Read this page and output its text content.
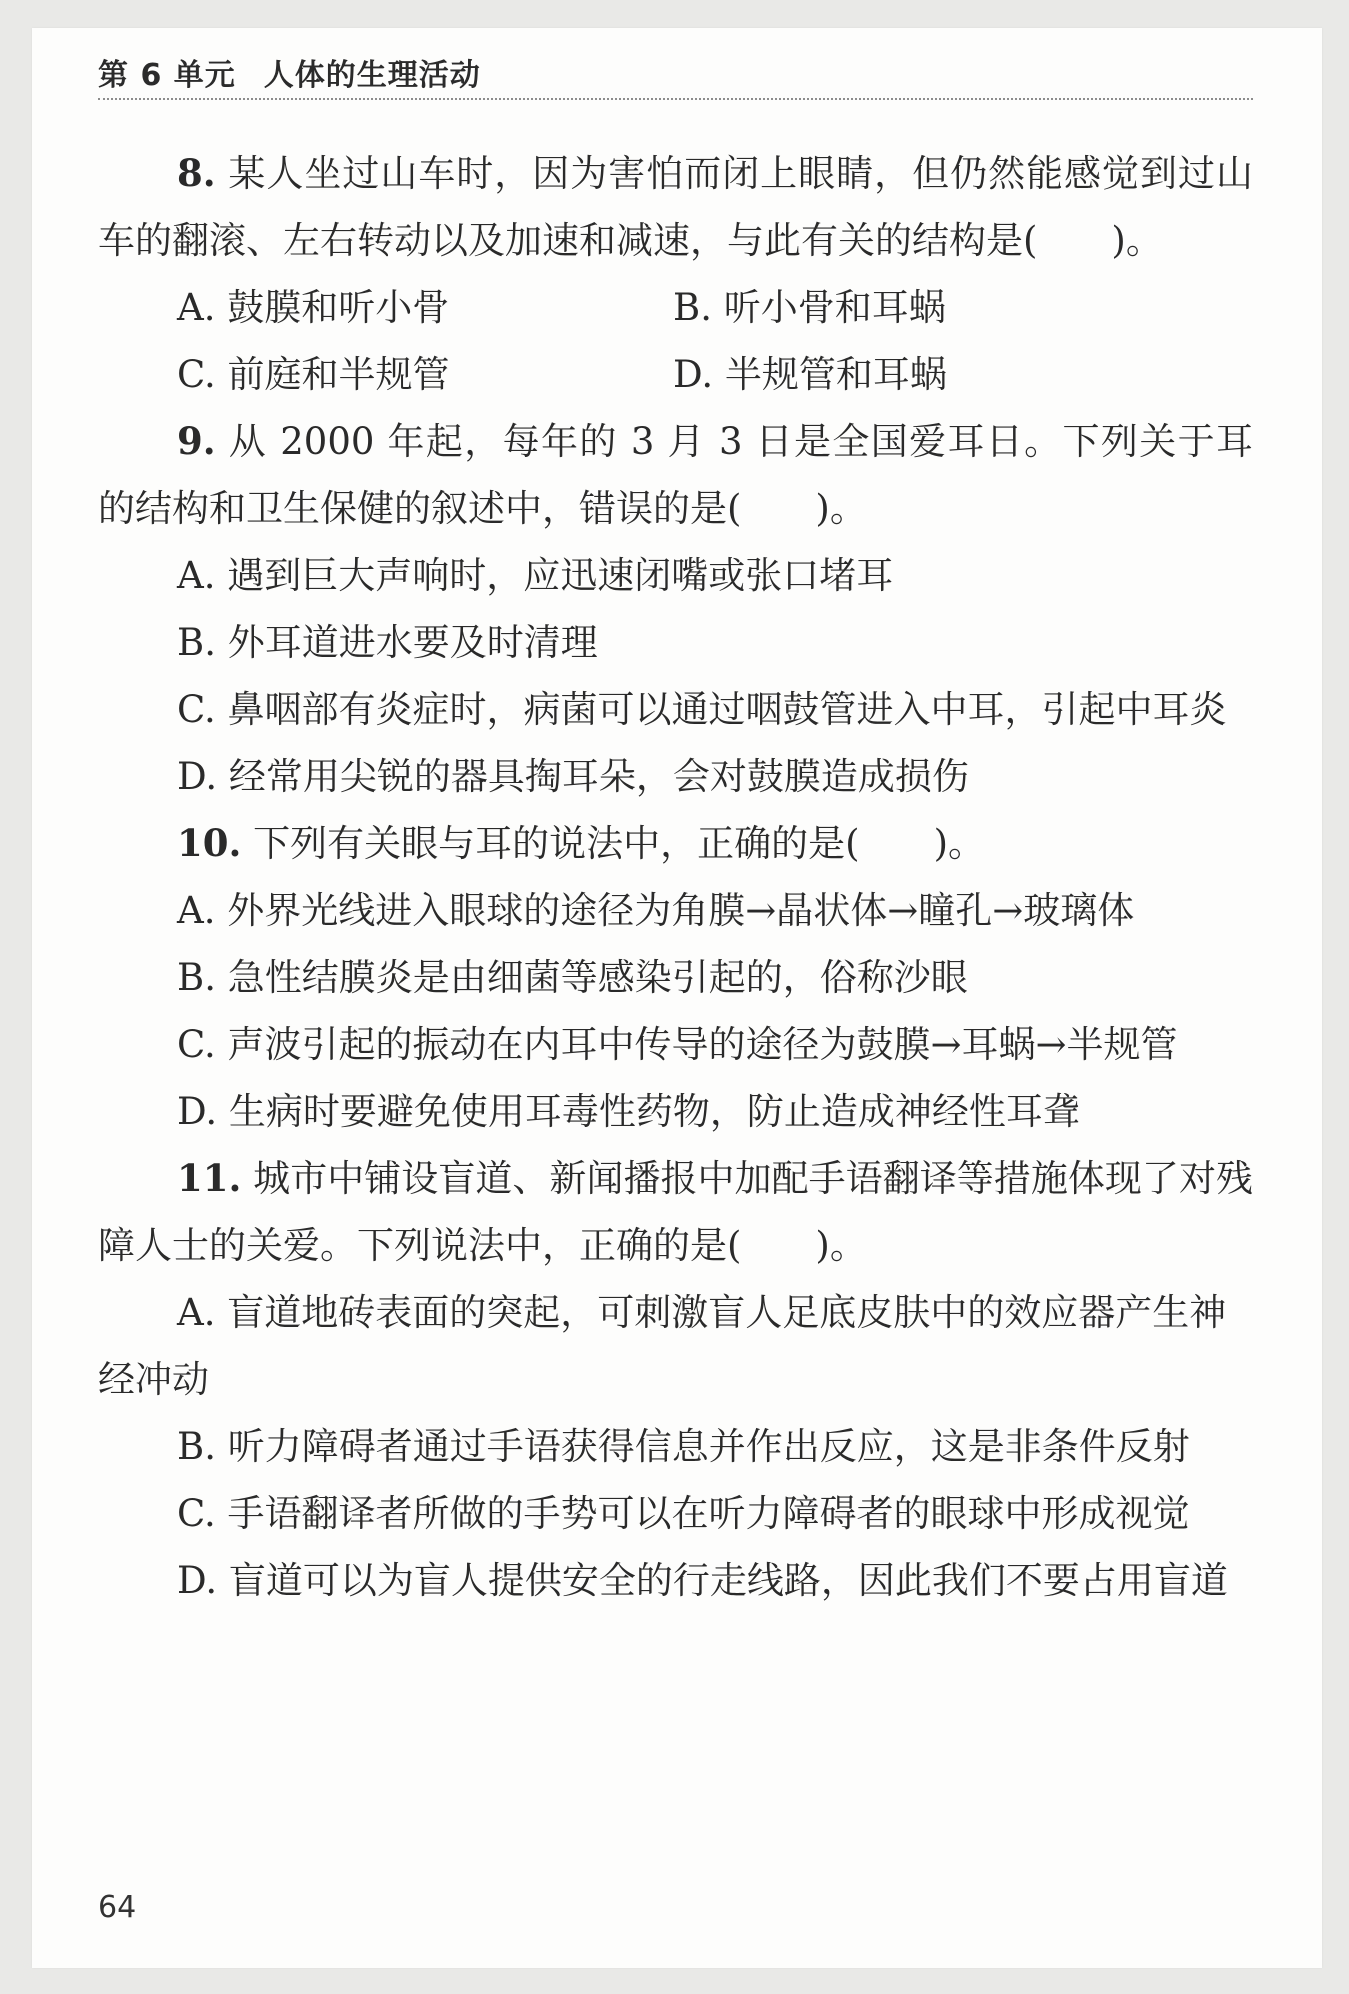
第 6 单元 人体的生理活动

8. 某人坐过山车时，因为害怕而闭上眼睛，但仍然能感觉到过山车的翻滚、左右转动以及加速和减速，与此有关的结构是(　　)。

A. 鼓膜和听小骨	B. 听小骨和耳蜗
C. 前庭和半规管	D. 半规管和耳蜗

9. 从 2000 年起，每年的 3 月 3 日是全国爱耳日。下列关于耳的结构和卫生保健的叙述中，错误的是(　　)。

A. 遇到巨大声响时，应迅速闭嘴或张口堵耳

B. 外耳道进水要及时清理

C. 鼻咽部有炎症时，病菌可以通过咽鼓管进入中耳，引起中耳炎

D. 经常用尖锐的器具掏耳朵，会对鼓膜造成损伤

10. 下列有关眼与耳的说法中，正确的是(　　)。

A. 外界光线进入眼球的途径为角膜→晶状体→瞳孔→玻璃体

B. 急性结膜炎是由细菌等感染引起的，俗称沙眼

C. 声波引起的振动在内耳中传导的途径为鼓膜→耳蜗→半规管

D. 生病时要避免使用耳毒性药物，防止造成神经性耳聋

11. 城市中铺设盲道、新闻播报中加配手语翻译等措施体现了对残障人士的关爱。下列说法中，正确的是(　　)。

A. 盲道地砖表面的突起，可刺激盲人足底皮肤中的效应器产生神经冲动

B. 听力障碍者通过手语获得信息并作出反应，这是非条件反射

C. 手语翻译者所做的手势可以在听力障碍者的眼球中形成视觉

D. 盲道可以为盲人提供安全的行走线路，因此我们不要占用盲道

64
